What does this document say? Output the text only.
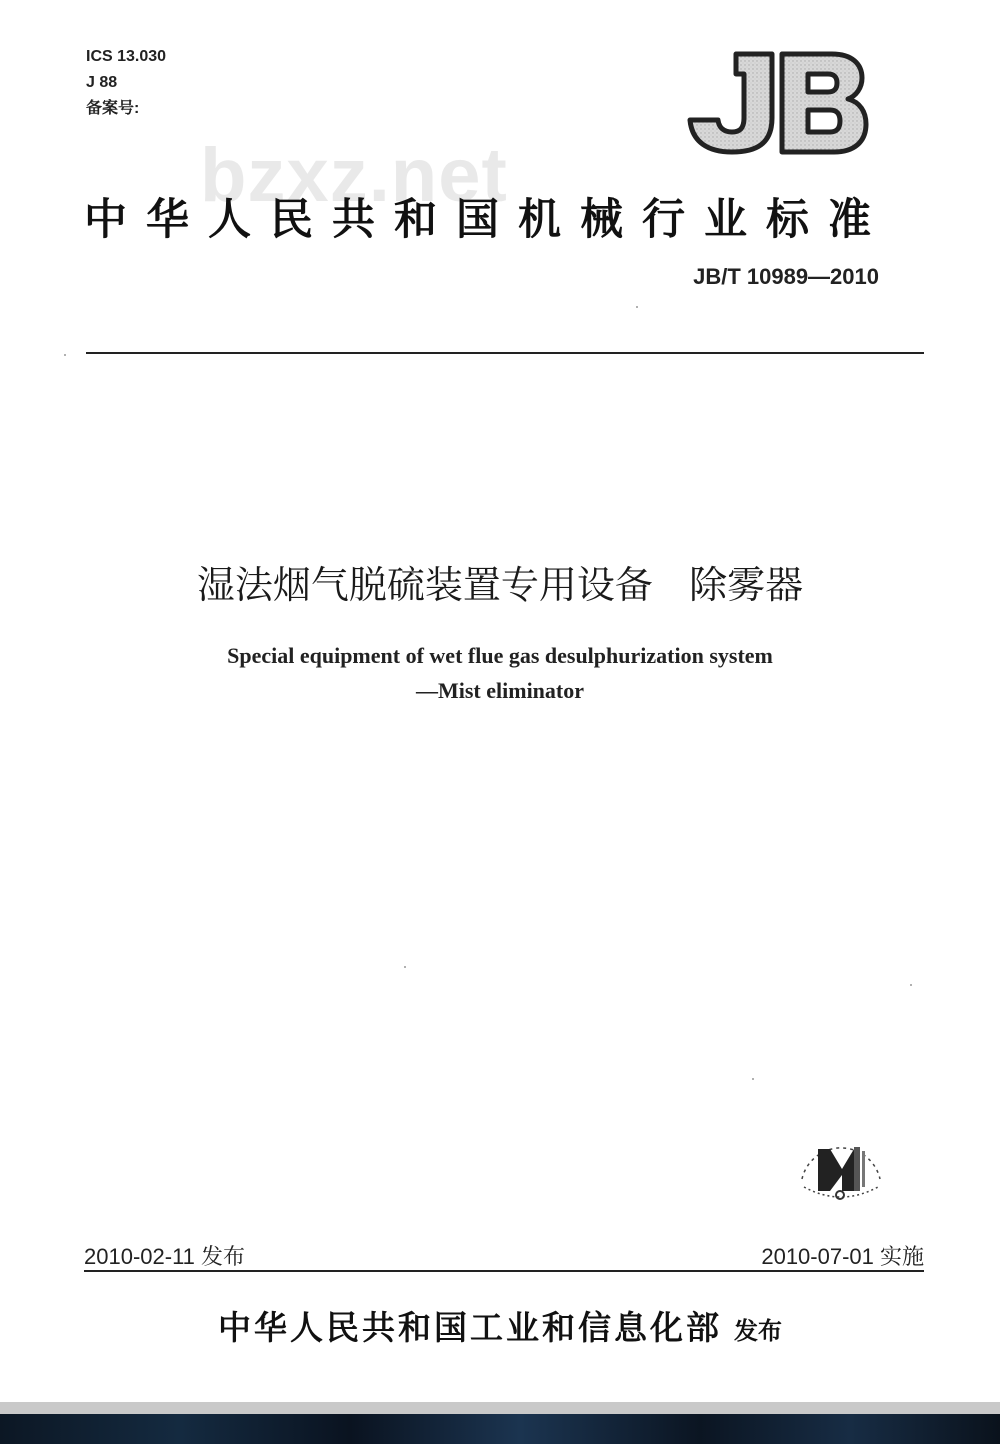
ICS 13.030
J 88
备案号:
bzxz.net
中华人民共和国机械行业标准
JB/T 10989—2010
湿法烟气脱硫装置专用设备   除雾器
Special equipment of wet flue gas desulphurization system
—Mist eliminator
2010-02-11 发布	2010-07-01 实施
中华人民共和国工业和信息化部 发布
